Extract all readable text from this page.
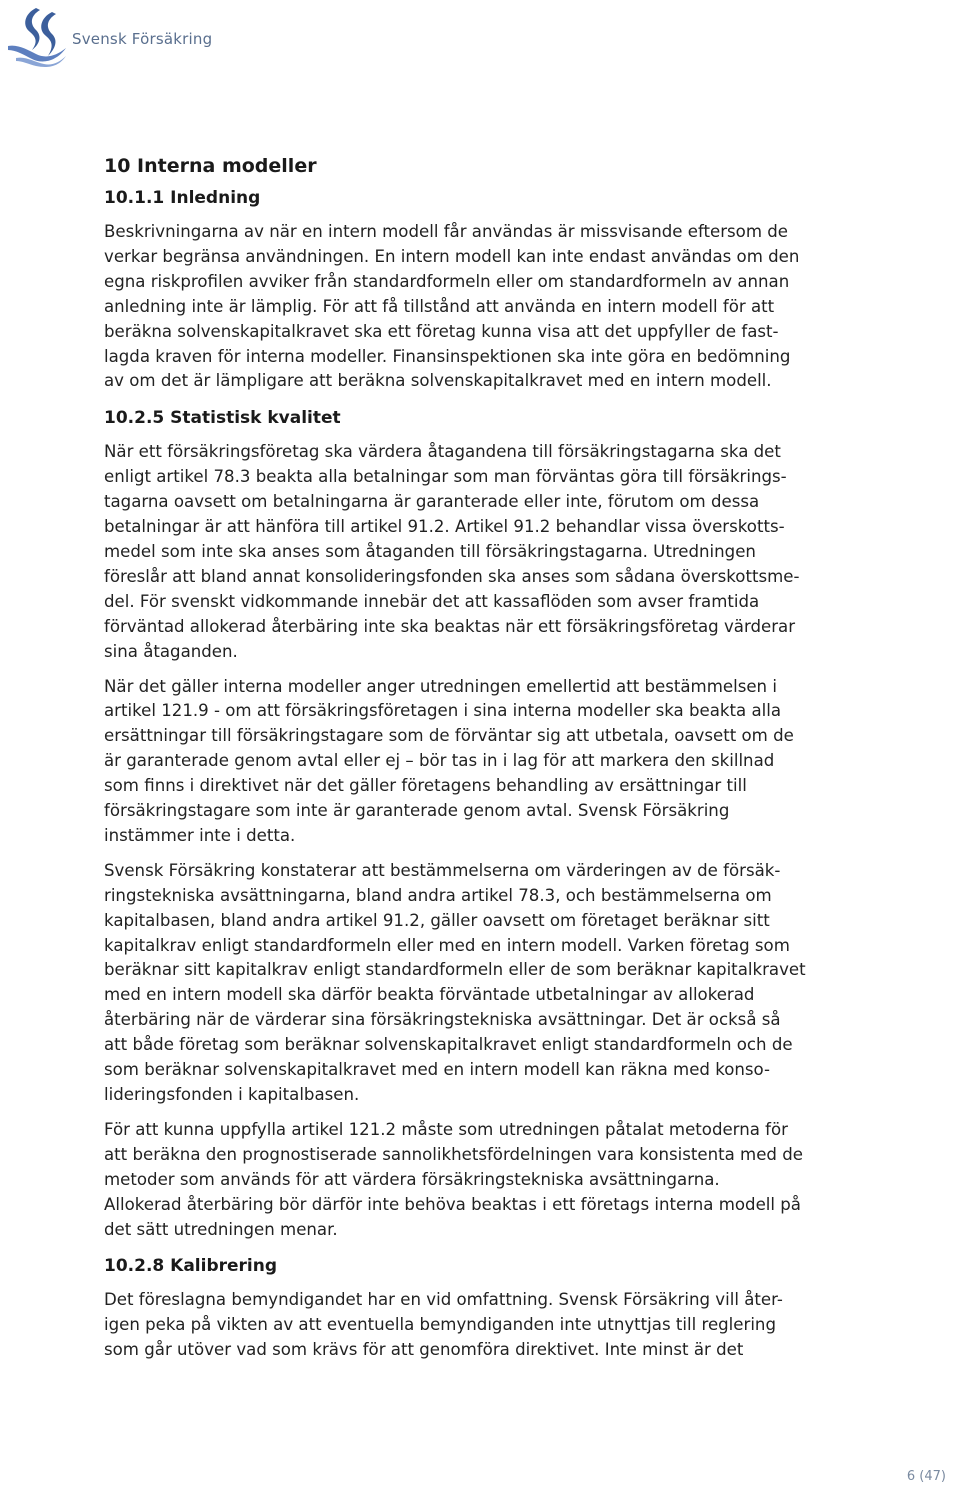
Svensk Försäkring
10 Interna modeller
10.1.1 Inledning

Beskrivningarna av när en intern modell får användas är missvisande eftersom de
verkar begränsa användningen. En intern modell kan inte endast användas om den
egna riskprofilen avviker från standardformeln eller om standardformeln av annan
anledning inte är lämplig. För att få tillstånd att använda en intern modell för att
beräkna solvenskapitalkravet ska ett företag kunna visa att det uppfyller de fast-
lagda kraven för interna modeller. Finansinspektionen ska inte göra en bedömning
av om det är lämpligare att beräkna solvenskapitalkravet med en intern modell.

10.2.5 Statistisk kvalitet

När ett försäkringsföretag ska värdera åtagandena till försäkringstagarna ska det
enligt artikel 78.3 beakta alla betalningar som man förväntas göra till försäkrings-
tagarna oavsett om betalningarna är garanterade eller inte, förutom om dessa
betalningar är att hänföra till artikel 91.2. Artikel 91.2 behandlar vissa överskotts-
medel som inte ska anses som åtaganden till försäkringstagarna. Utredningen
föreslår att bland annat konsolideringsfonden ska anses som sådana överskottsme-
del. För svenskt vidkommande innebär det att kassaflöden som avser framtida
förväntad allokerad återbäring inte ska beaktas när ett försäkringsföretag värderar
sina åtaganden.

När det gäller interna modeller anger utredningen emellertid att bestämmelsen i
artikel 121.9 - om att försäkringsföretagen i sina interna modeller ska beakta alla
ersättningar till försäkringstagare som de förväntar sig att utbetala, oavsett om de
är garanterade genom avtal eller ej – bör tas in i lag för att markera den skillnad
som finns i direktivet när det gäller företagens behandling av ersättningar till
försäkringstagare som inte är garanterade genom avtal. Svensk Försäkring
instämmer inte i detta.

Svensk Försäkring konstaterar att bestämmelserna om värderingen av de försäk-
ringstekniska avsättningarna, bland andra artikel 78.3, och bestämmelserna om
kapitalbasen, bland andra artikel 91.2, gäller oavsett om företaget beräknar sitt
kapitalkrav enligt standardformeln eller med en intern modell. Varken företag som
beräknar sitt kapitalkrav enligt standardformeln eller de som beräknar kapitalkravet
med en intern modell ska därför beakta förväntade utbetalningar av allokerad
återbäring när de värderar sina försäkringstekniska avsättningar. Det är också så
att både företag som beräknar solvenskapitalkravet enligt standardformeln och de
som beräknar solvenskapitalkravet med en intern modell kan räkna med konso-
lideringsfonden i kapitalbasen.

För att kunna uppfylla artikel 121.2 måste som utredningen påtalat metoderna för
att beräkna den prognostiserade sannolikhetsfördelningen vara konsistenta med de
metoder som används för att värdera försäkringstekniska avsättningarna.
Allokerad återbäring bör därför inte behöva beaktas i ett företags interna modell på
det sätt utredningen menar.

10.2.8 Kalibrering

Det föreslagna bemyndigandet har en vid omfattning. Svensk Försäkring vill åter-
igen peka på vikten av att eventuella bemyndiganden inte utnyttjas till reglering
som går utöver vad som krävs för att genomföra direktivet. Inte minst är det

6 (47)
